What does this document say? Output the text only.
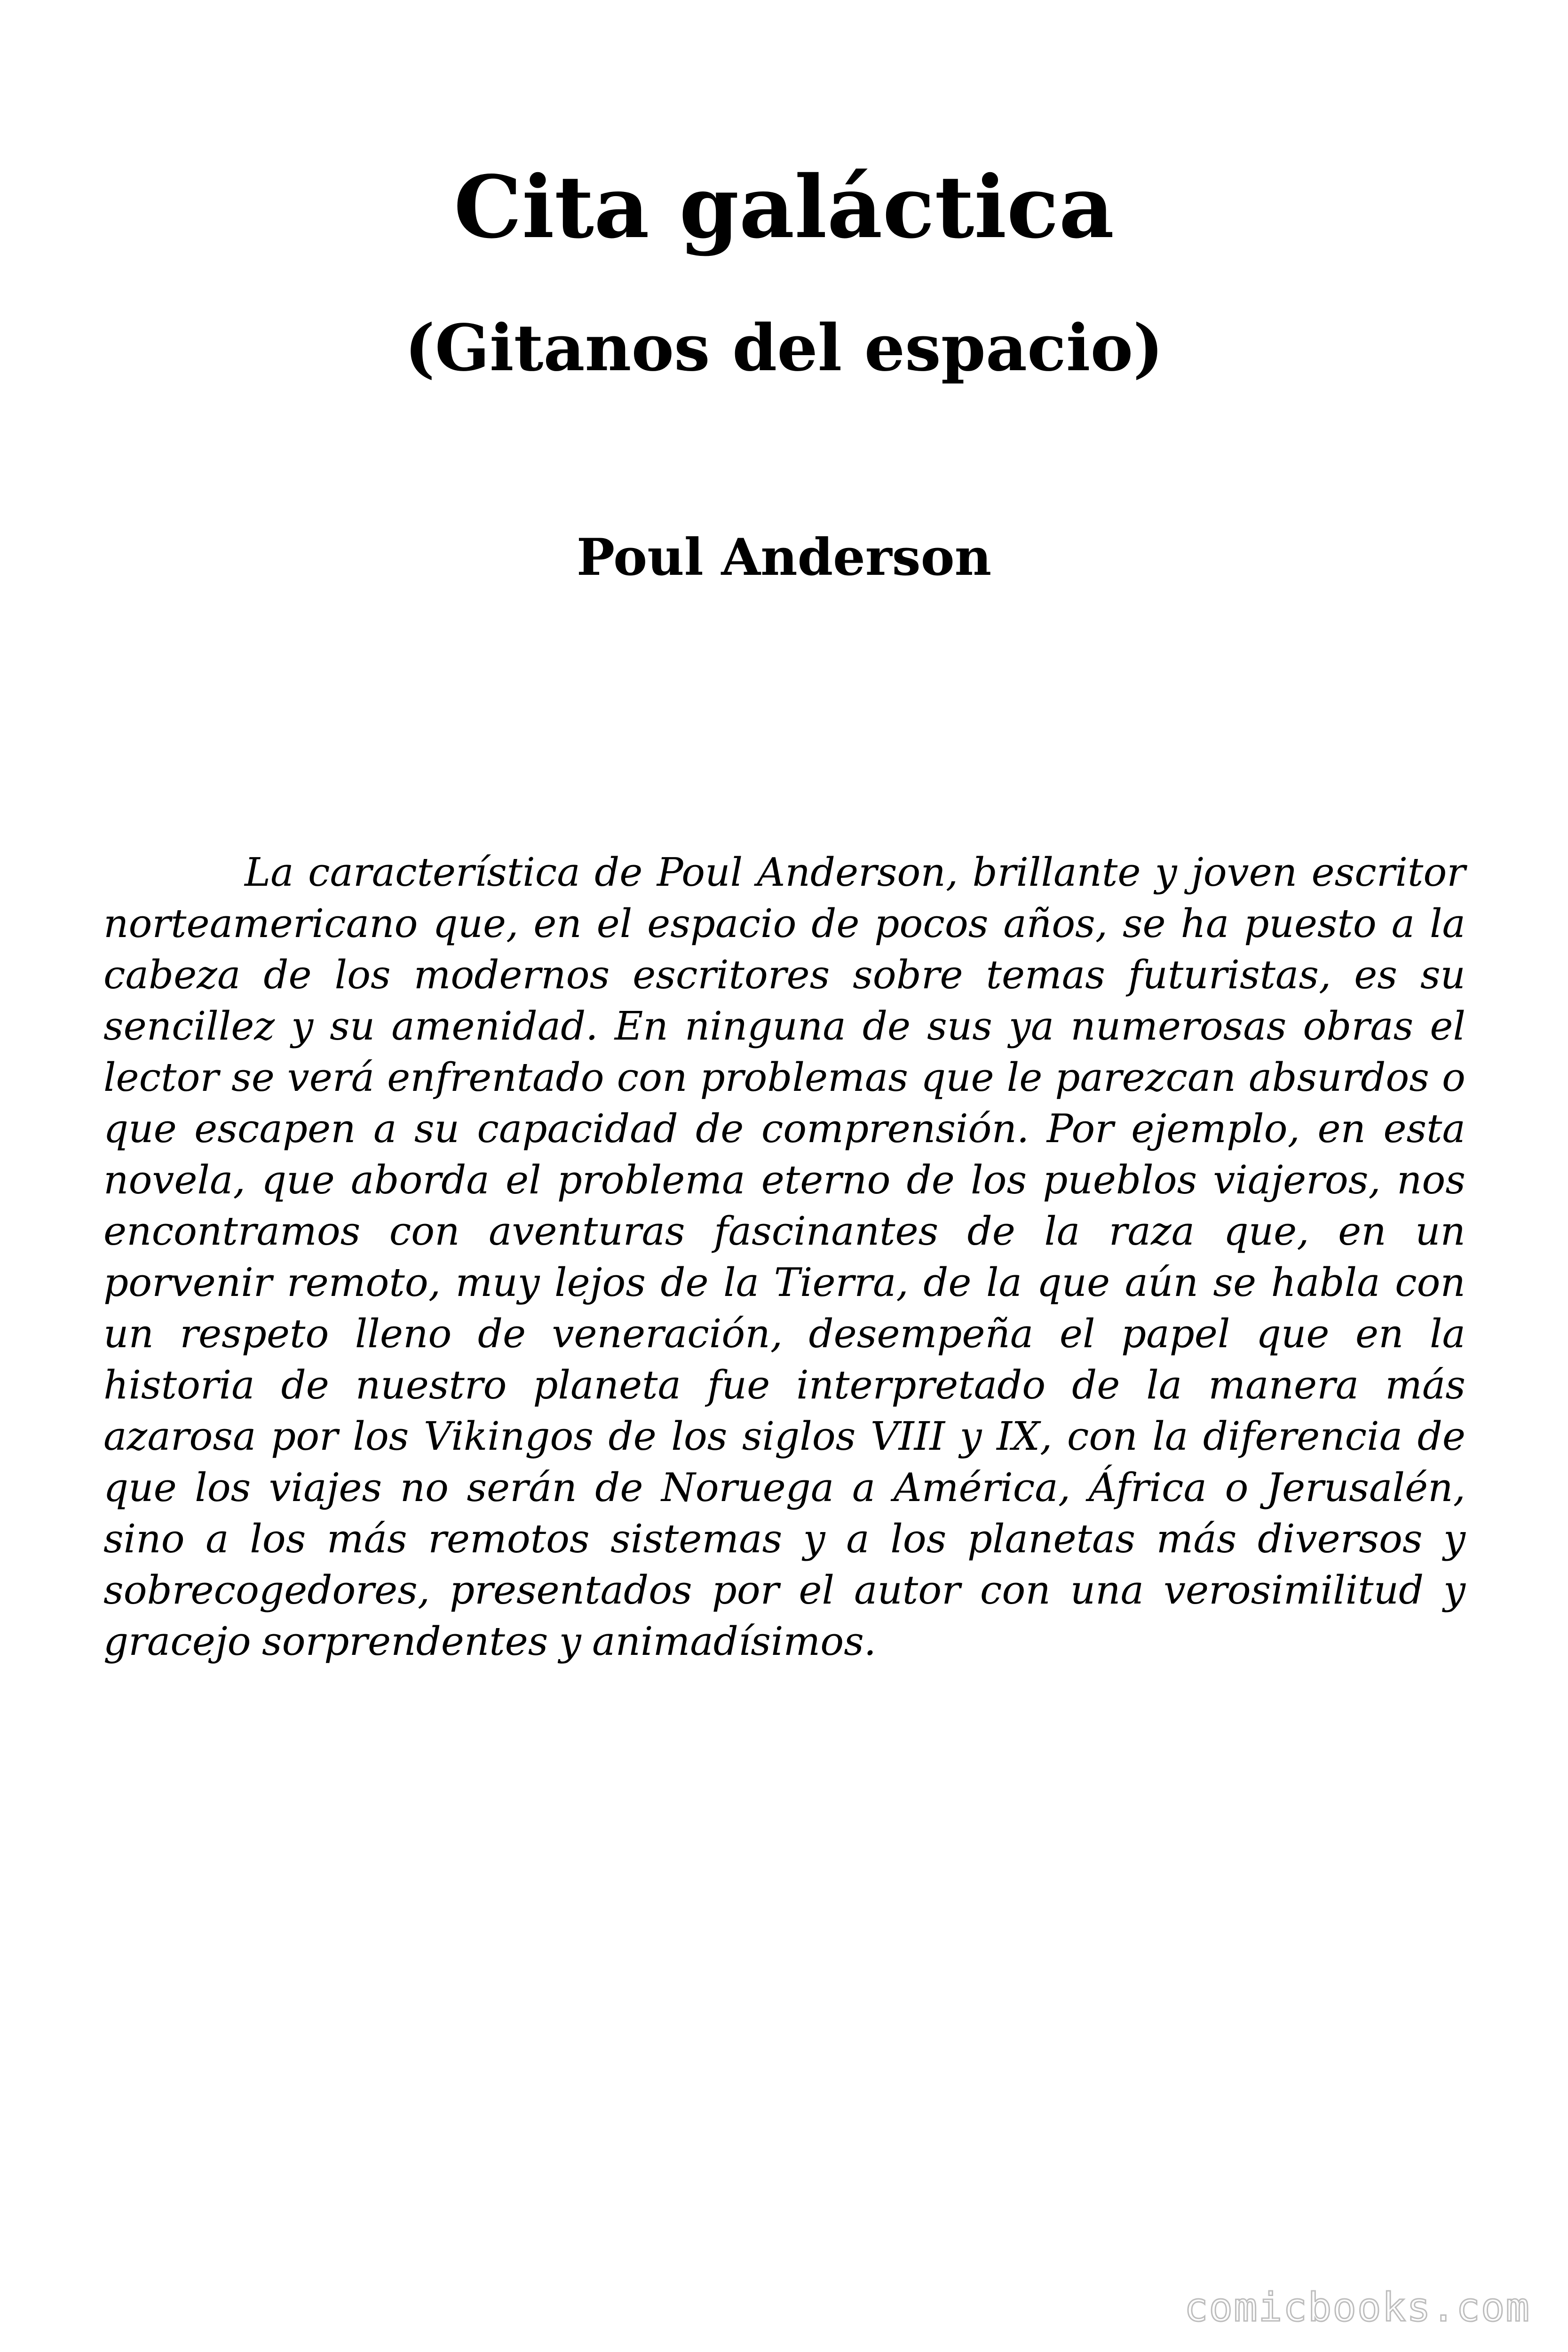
Cita galáctica
(Gitanos del espacio)
Poul Anderson

La característica de Poul Anderson, brillante y joven escritor norteamericano que, en el espacio de pocos años, se ha puesto a la cabeza de los modernos escritores sobre temas futuristas, es su sencillez y su amenidad. En ninguna de sus ya numerosas obras el lector se verá enfrentado con problemas que le parezcan absurdos o que escapen a su capacidad de comprensión. Por ejemplo, en esta novela, que aborda el problema eterno de los pueblos viajeros, nos encontramos con aventuras fascinantes de la raza que, en un porvenir remoto, muy lejos de la Tierra, de la que aún se habla con un respeto lleno de veneración, desempeña el papel que en la historia de nuestro planeta fue interpretado de la manera más azarosa por los Vikingos de los siglos VIII y IX, con la diferencia de que los viajes no serán de Noruega a América, África o Jerusalén, sino a los más remotos sistemas y a los planetas más diversos y sobrecogedores, presentados por el autor con una verosimilitud y gracejo sorprendentes y animadísimos.

comicbooks.com
